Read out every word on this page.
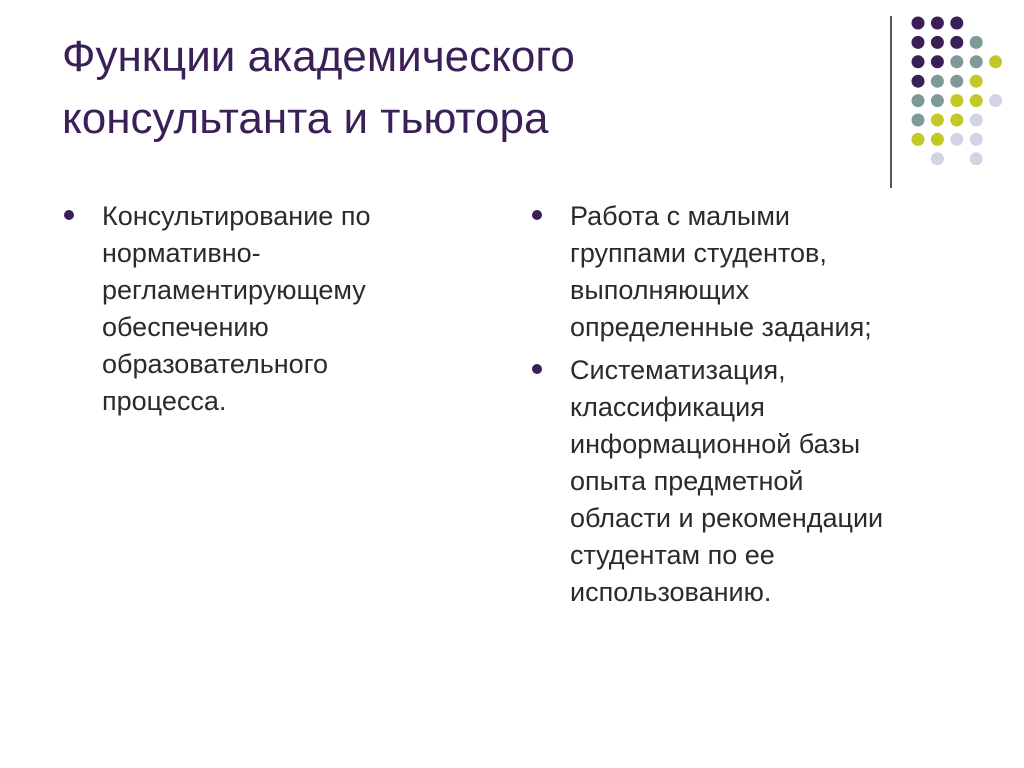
Функции академического
консультанта и тьютора
Консультирование по
нормативно-
регламентирующему
обеспечению
образовательного
процесса.
Работа с малыми
группами студентов,
выполняющих
определенные задания;
Систематизация,
классификация
информационной базы
опыта предметной
области и рекомендации
студентам по ее
использованию.
